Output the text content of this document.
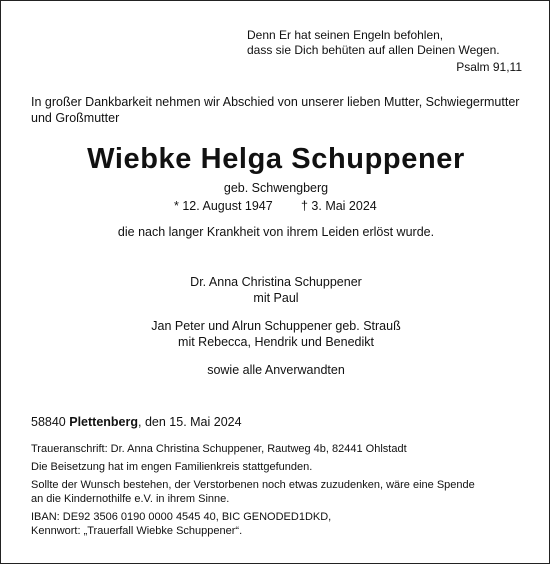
Denn Er hat seinen Engeln befohlen,
dass sie Dich behüten auf allen Deinen Wegen.
Psalm 91,11
In großer Dankbarkeit nehmen wir Abschied von unserer lieben Mutter, Schwiegermutter
und Großmutter
Wiebke Helga Schuppener
geb. Schwengberg
* 12. August 1947 † 3. Mai 2024
die nach langer Krankheit von ihrem Leiden erlöst wurde.
Dr. Anna Christina Schuppener
mit Paul
Jan Peter und Alrun Schuppener geb. Strauß
mit Rebecca, Hendrik und Benedikt
sowie alle Anverwandten
58840 Plettenberg, den 15. Mai 2024
Traueranschrift: Dr. Anna Christina Schuppener, Rautweg 4b, 82441 Ohlstadt
Die Beisetzung hat im engen Familienkreis stattgefunden.
Sollte der Wunsch bestehen, der Verstorbenen noch etwas zuzudenken, wäre eine Spende
an die Kindernothilfe e.V. in ihrem Sinne.
IBAN: DE92 3506 0190 0000 4545 40, BIC GENODED1DKD,
Kennwort: „Trauerfall Wiebke Schuppener“.
